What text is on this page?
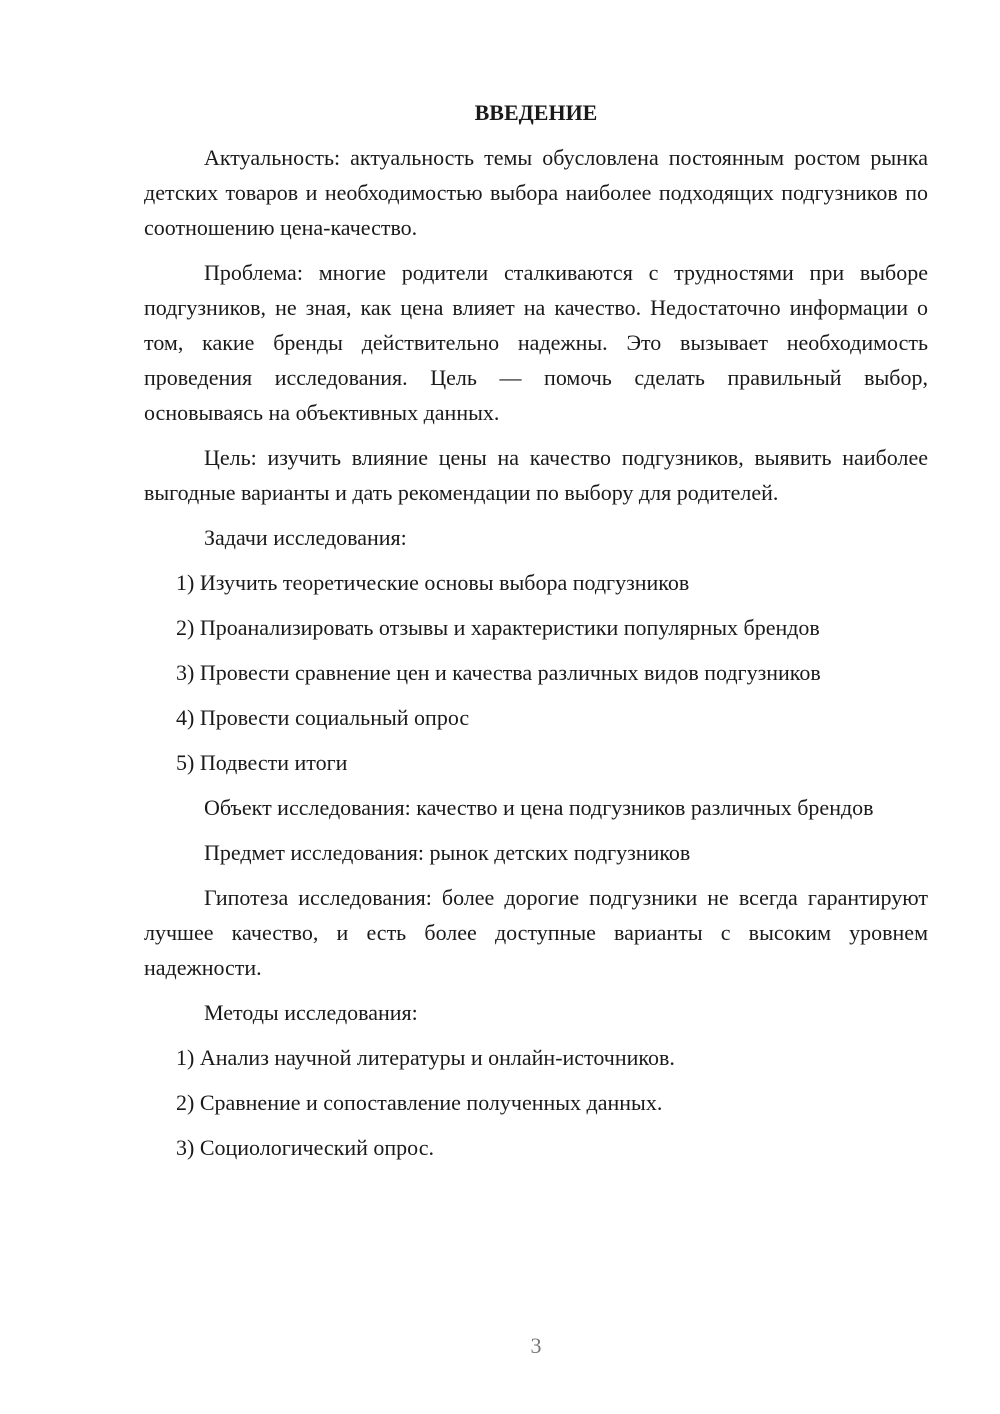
ВВЕДЕНИЕ

Актуальность: актуальность темы обусловлена постоянным ростом рынка детских товаров и необходимостью выбора наиболее подходящих подгузников по соотношению цена-качество.

Проблема: многие родители сталкиваются с трудностями при выборе подгузников, не зная, как цена влияет на качество. Недостаточно информации о том, какие бренды действительно надежны. Это вызывает необходимость проведения исследования. Цель — помочь сделать правильный выбор, основываясь на объективных данных.

Цель: изучить влияние цены на качество подгузников, выявить наиболее выгодные варианты и дать рекомендации по выбору для родителей.

Задачи исследования:

1) Изучить теоретические основы выбора подгузников

2) Проанализировать отзывы и характеристики популярных брендов

3) Провести сравнение цен и качества различных видов подгузников

4) Провести социальный опрос

5) Подвести итоги

Объект исследования: качество и цена подгузников различных брендов

Предмет исследования: рынок детских подгузников

Гипотеза исследования: более дорогие подгузники не всегда гарантируют лучшее качество, и есть более доступные варианты с высоким уровнем надежности.

Методы исследования:

1) Анализ научной литературы и онлайн-источников.

2) Сравнение и сопоставление полученных данных.

3) Социологический опрос.

3
